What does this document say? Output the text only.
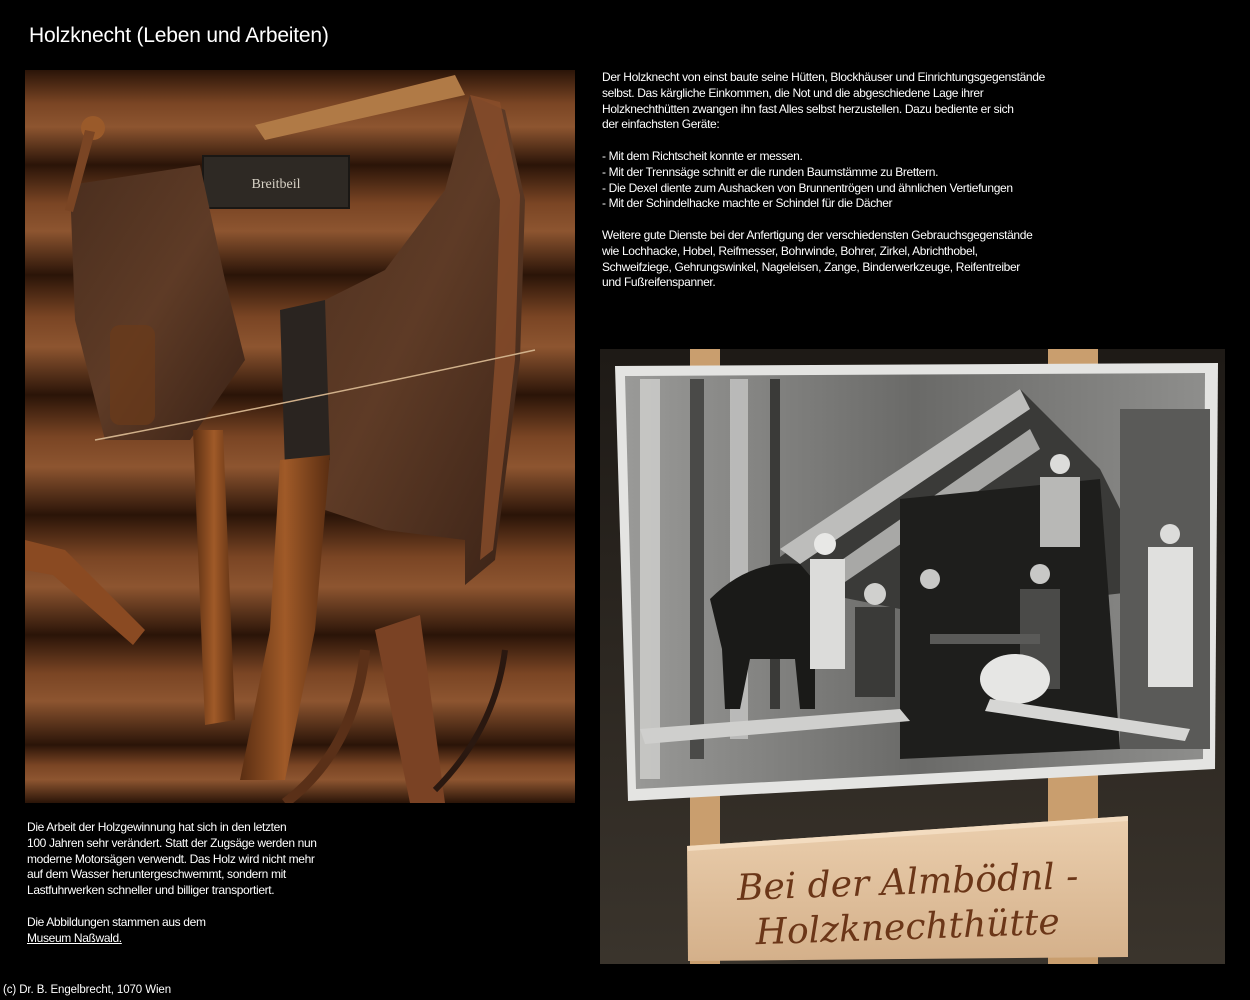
Holzknecht (Leben und Arbeiten)
Breitbeil

Der Holzknecht von einst baute seine Hütten, Blockhäuser und Einrichtungsgegenstände

selbst. Das kärgliche Einkommen, die Not und die abgeschiedene Lage ihrer

Holzknechthütten zwangen ihn fast Alles selbst herzustellen. Dazu bediente er sich

der einfachsten Geräte:

- Mit dem Richtscheit konnte er messen.

- Mit der Trennsäge schnitt er die runden Baumstämme zu Brettern.

- Die Dexel diente zum Aushacken von Brunnentrögen und ähnlichen Vertiefungen

- Mit der Schindelhacke machte er Schindel für die Dächer

Weitere gute Dienste bei der Anfertigung der verschiedensten Gebrauchsgegenstände

wie Lochhacke, Hobel, Reifmesser, Bohrwinde, Bohrer, Zirkel, Abrichthobel,

Schweifziege, Gehrungswinkel, Nageleisen, Zange, Binderwerkzeuge, Reifentreiber

und Fußreifenspanner.

Bei der Almbödnl -
Holzknechthütte

Die Arbeit der Holzgewinnung hat sich in den letzten

100 Jahren sehr verändert. Statt der Zugsäge werden nun

moderne Motorsägen verwendt. Das Holz wird nicht mehr

auf dem Wasser heruntergeschwemmt, sondern mit

Lastfuhrwerken schneller und billiger transportiert.

Die Abbildungen stammen aus dem

Museum Naßwald.

(c) Dr. B. Engelbrecht, 1070 Wien
